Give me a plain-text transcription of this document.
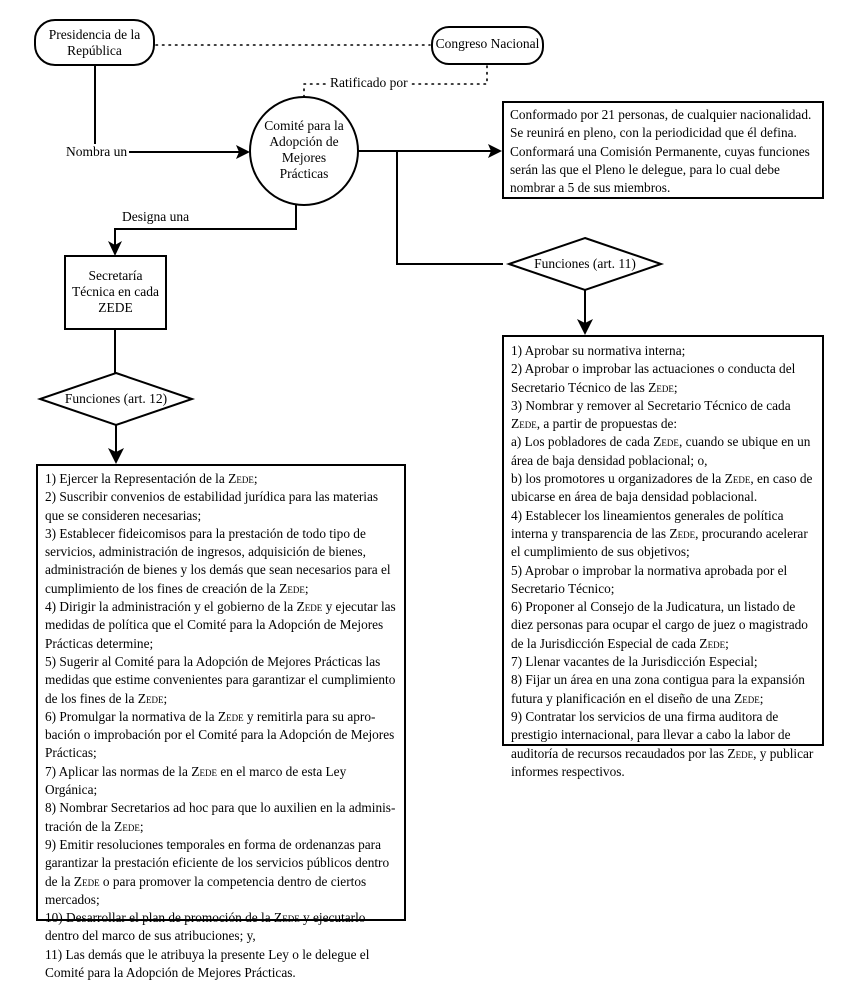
Presidencia de la
República	Congreso Nacional
Comité para la
Adopción de
Mejores
Prácticas
Secretaría
Técnica en cada
ZEDE
Nombra un
Designa una
Ratificado por
Funciones (art. 11)
Funciones (art. 12)

Conformado por 21 personas, de cualquier nacionalidad. Se reunirá en pleno, con la periodicidad que él defina. Conformará una Comisión Permanente, cuyas funciones serán las que el Pleno le delegue, para lo cual debe nombrar a 5 de sus miembros.

1) Aprobar su normativa interna;

2) Aprobar o improbar las actuaciones o conducta del Secretario Técnico de las Zede;

3) Nombrar y remover al Secretario Técnico de cada Zede, a partir de propuestas de:

a) Los pobladores de cada Zede, cuando se ubique en un área de baja densidad poblacional; o,

b) los promotores u organizadores de la Zede, en caso de ubicarse en área de baja densidad poblacional.

4) Establecer los lineamientos generales de política interna y transparencia de las Zede, procurando acelerar el cumplimiento de sus objetivos;

5) Aprobar o improbar la normativa aprobada por el Secretario Técnico;

6) Proponer al Consejo de la Judicatura, un listado de diez personas para ocupar el cargo de juez o magistrado de la Jurisdicción Especial de cada Zede;

7) Llenar vacantes de la Jurisdicción Especial;

8) Fijar un área en una zona contigua para la expansión futura y planificación en el diseño de una Zede;

9) Contratar los servicios de una firma auditora de prestigio internacional, para llevar a cabo la labor de auditoría de recursos recaudados por las Zede, y publicar informes respectivos.

1) Ejercer la Representación de la Zede;

2) Suscribir convenios de estabilidad jurídica para las materias que se consideren necesarias;

3) Establecer fideicomisos para la prestación de todo tipo de servicios, administración de ingresos, adquisición de bienes, administración de bienes y los demás que sean necesarios para el cumplimiento de los fines de creación de la Zede;

4) Dirigir la administración y el gobierno de la Zede y ejecutar las medidas de política que el Comité para la Adopción de Mejores Prácticas determine;

5) Sugerir al Comité para la Adopción de Mejores Prácticas las medidas que estime convenientes para garantizar el cumplimiento de los fines de la Zede;

6) Promulgar la normativa de la Zede y remitirla para su apro-bación o improbación por el Comité para la Adopción de Mejores Prácticas;

7) Aplicar las normas de la Zede en el marco de esta Ley Orgánica;

8) Nombrar Secretarios ad hoc para que lo auxilien en la adminis-tración de la Zede;

9) Emitir resoluciones temporales en forma de ordenanzas para garantizar la prestación eficiente de los servicios públicos dentro de la Zede o para promover la competencia dentro de ciertos mercados;

10) Desarrollar el plan de promoción de la Zede y ejecutarlo dentro del marco de sus atribuciones; y,

11) Las demás que le atribuya la presente Ley o le delegue el Comité para la Adopción de Mejores Prácticas.
